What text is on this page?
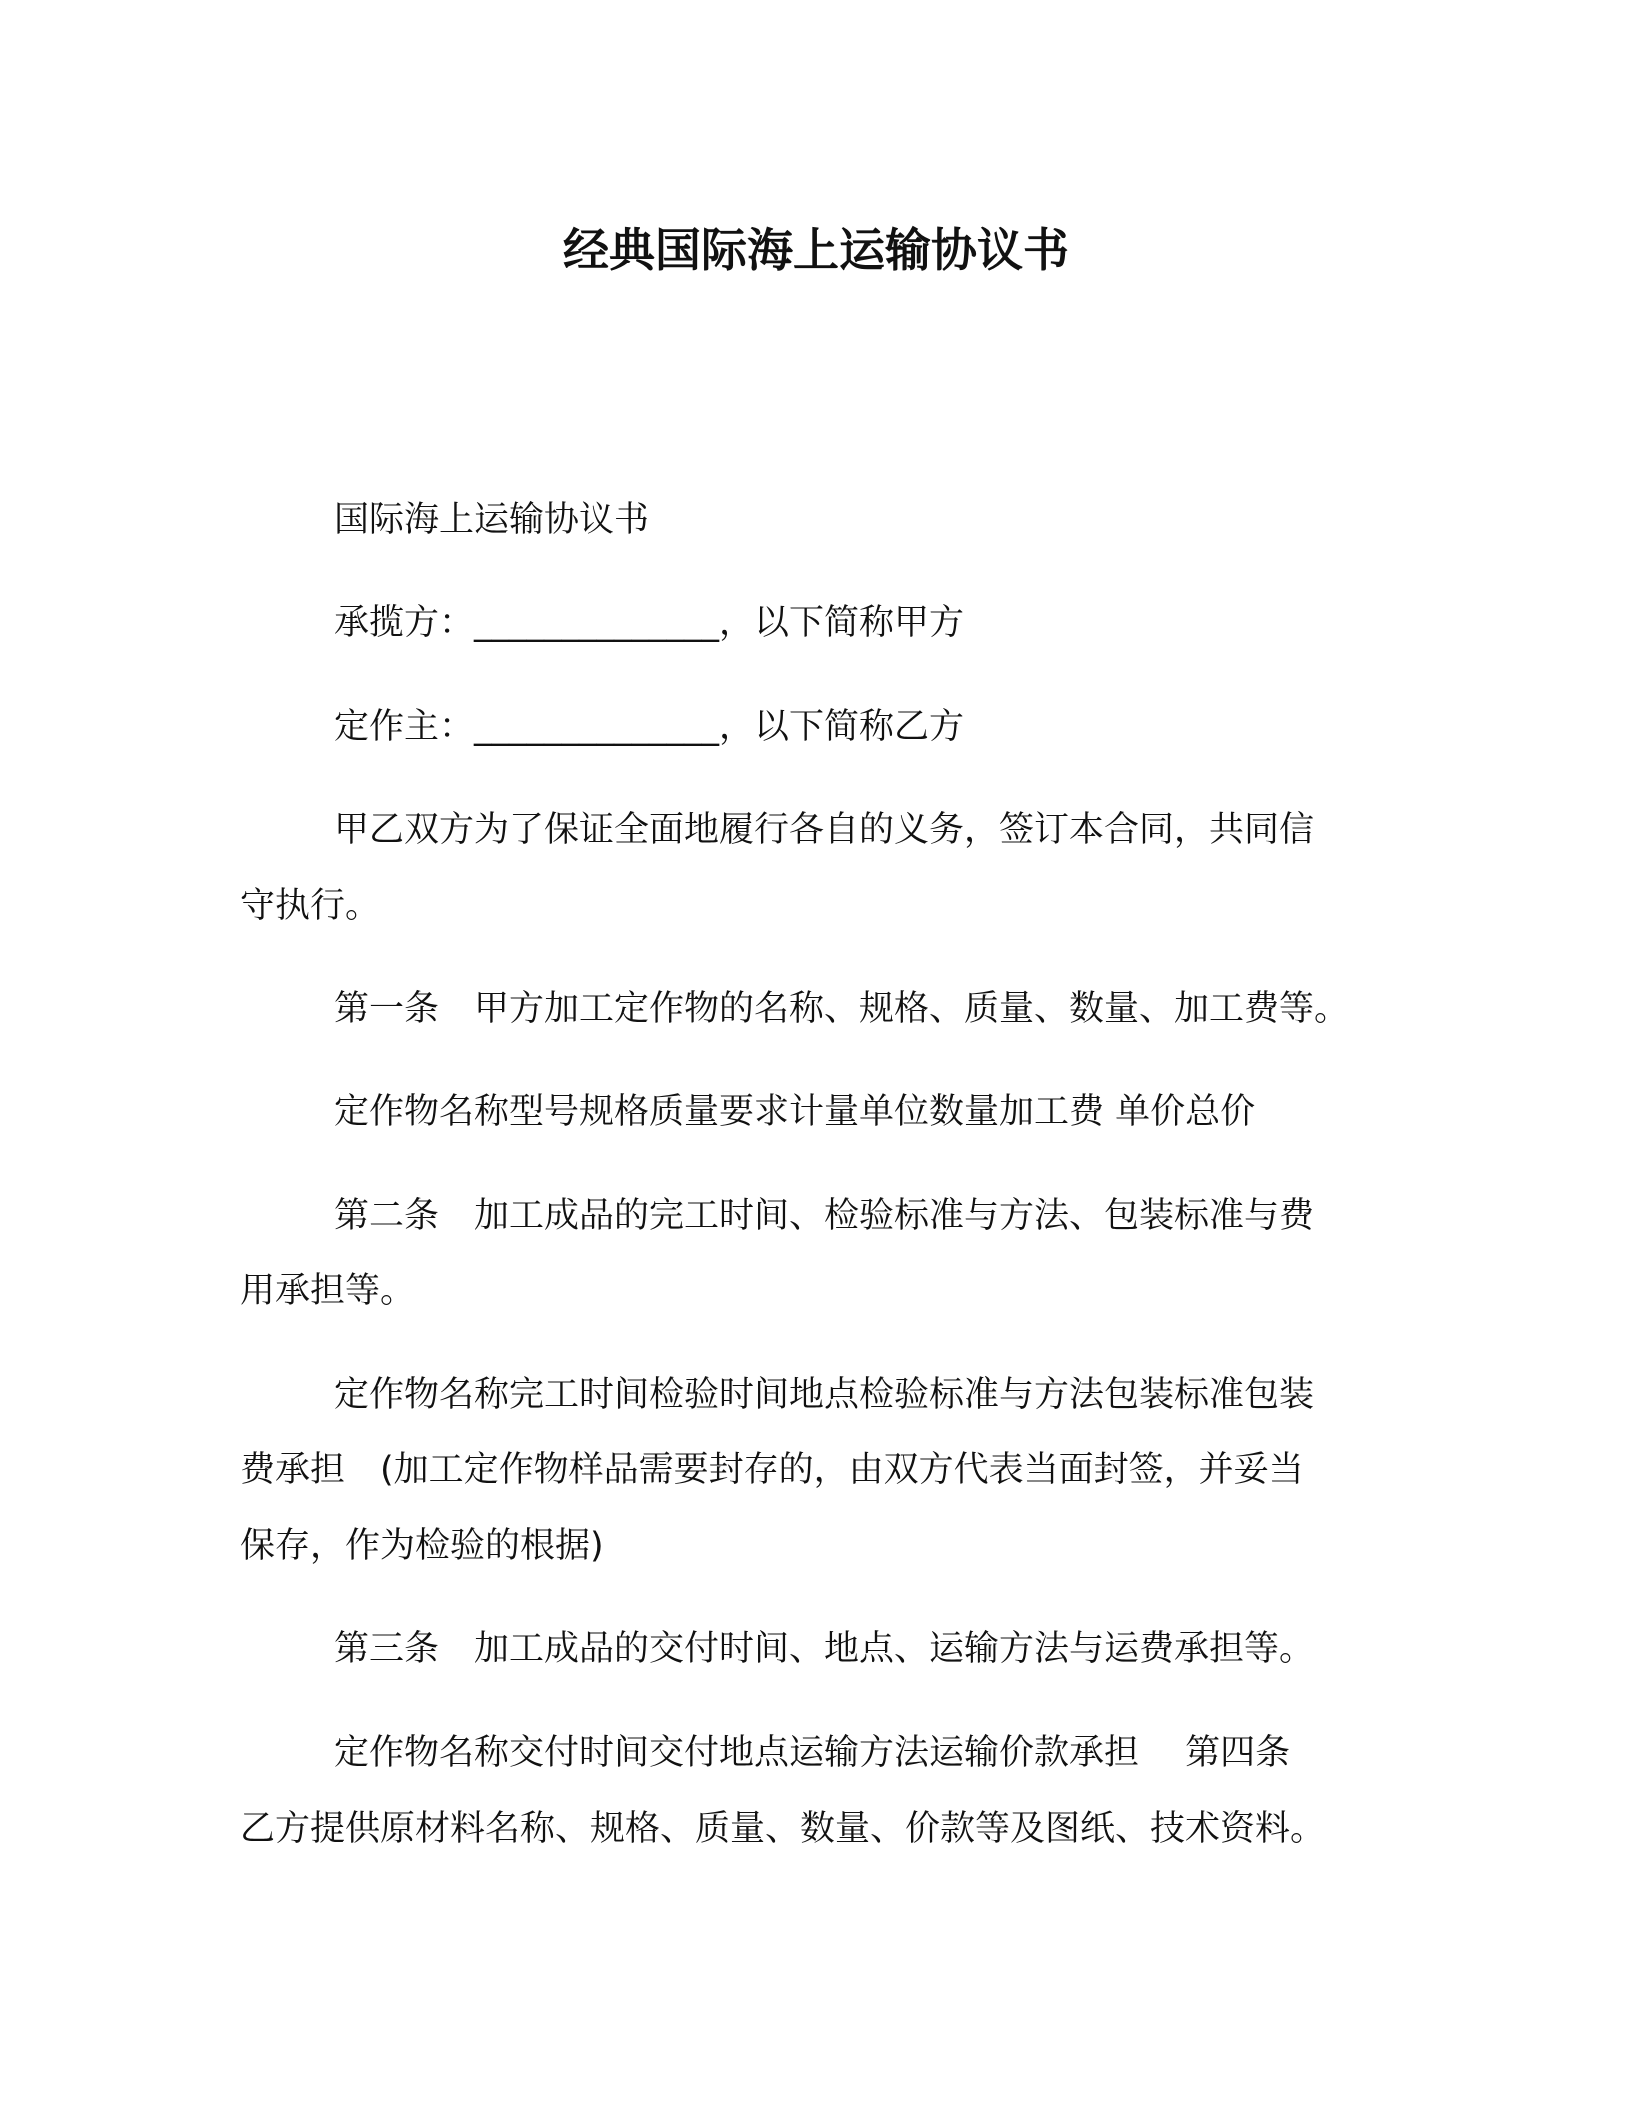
经典国际海上运输协议书

国际海上运输协议书

承揽方：______________，以下简称甲方

定作主：______________，以下简称乙方

甲乙双方为了保证全面地履行各自的义务，签订本合同，共同信

守执行。

第一条　甲方加工定作物的名称、规格、质量、数量、加工费等。

定作物名称型号规格质量要求计量单位数量加工费 单价总价

第二条　加工成品的完工时间、检验标准与方法、包装标准与费

用承担等。

定作物名称完工时间检验时间地点检验标准与方法包装标准包装

费承担　(加工定作物样品需要封存的，由双方代表当面封签，并妥当

保存，作为检验的根据)

第三条　加工成品的交付时间、地点、运输方法与运费承担等。

定作物名称交付时间交付地点运输方法运输价款承担　 第四条

乙方提供原材料名称、规格、质量、数量、价款等及图纸、技术资料。
